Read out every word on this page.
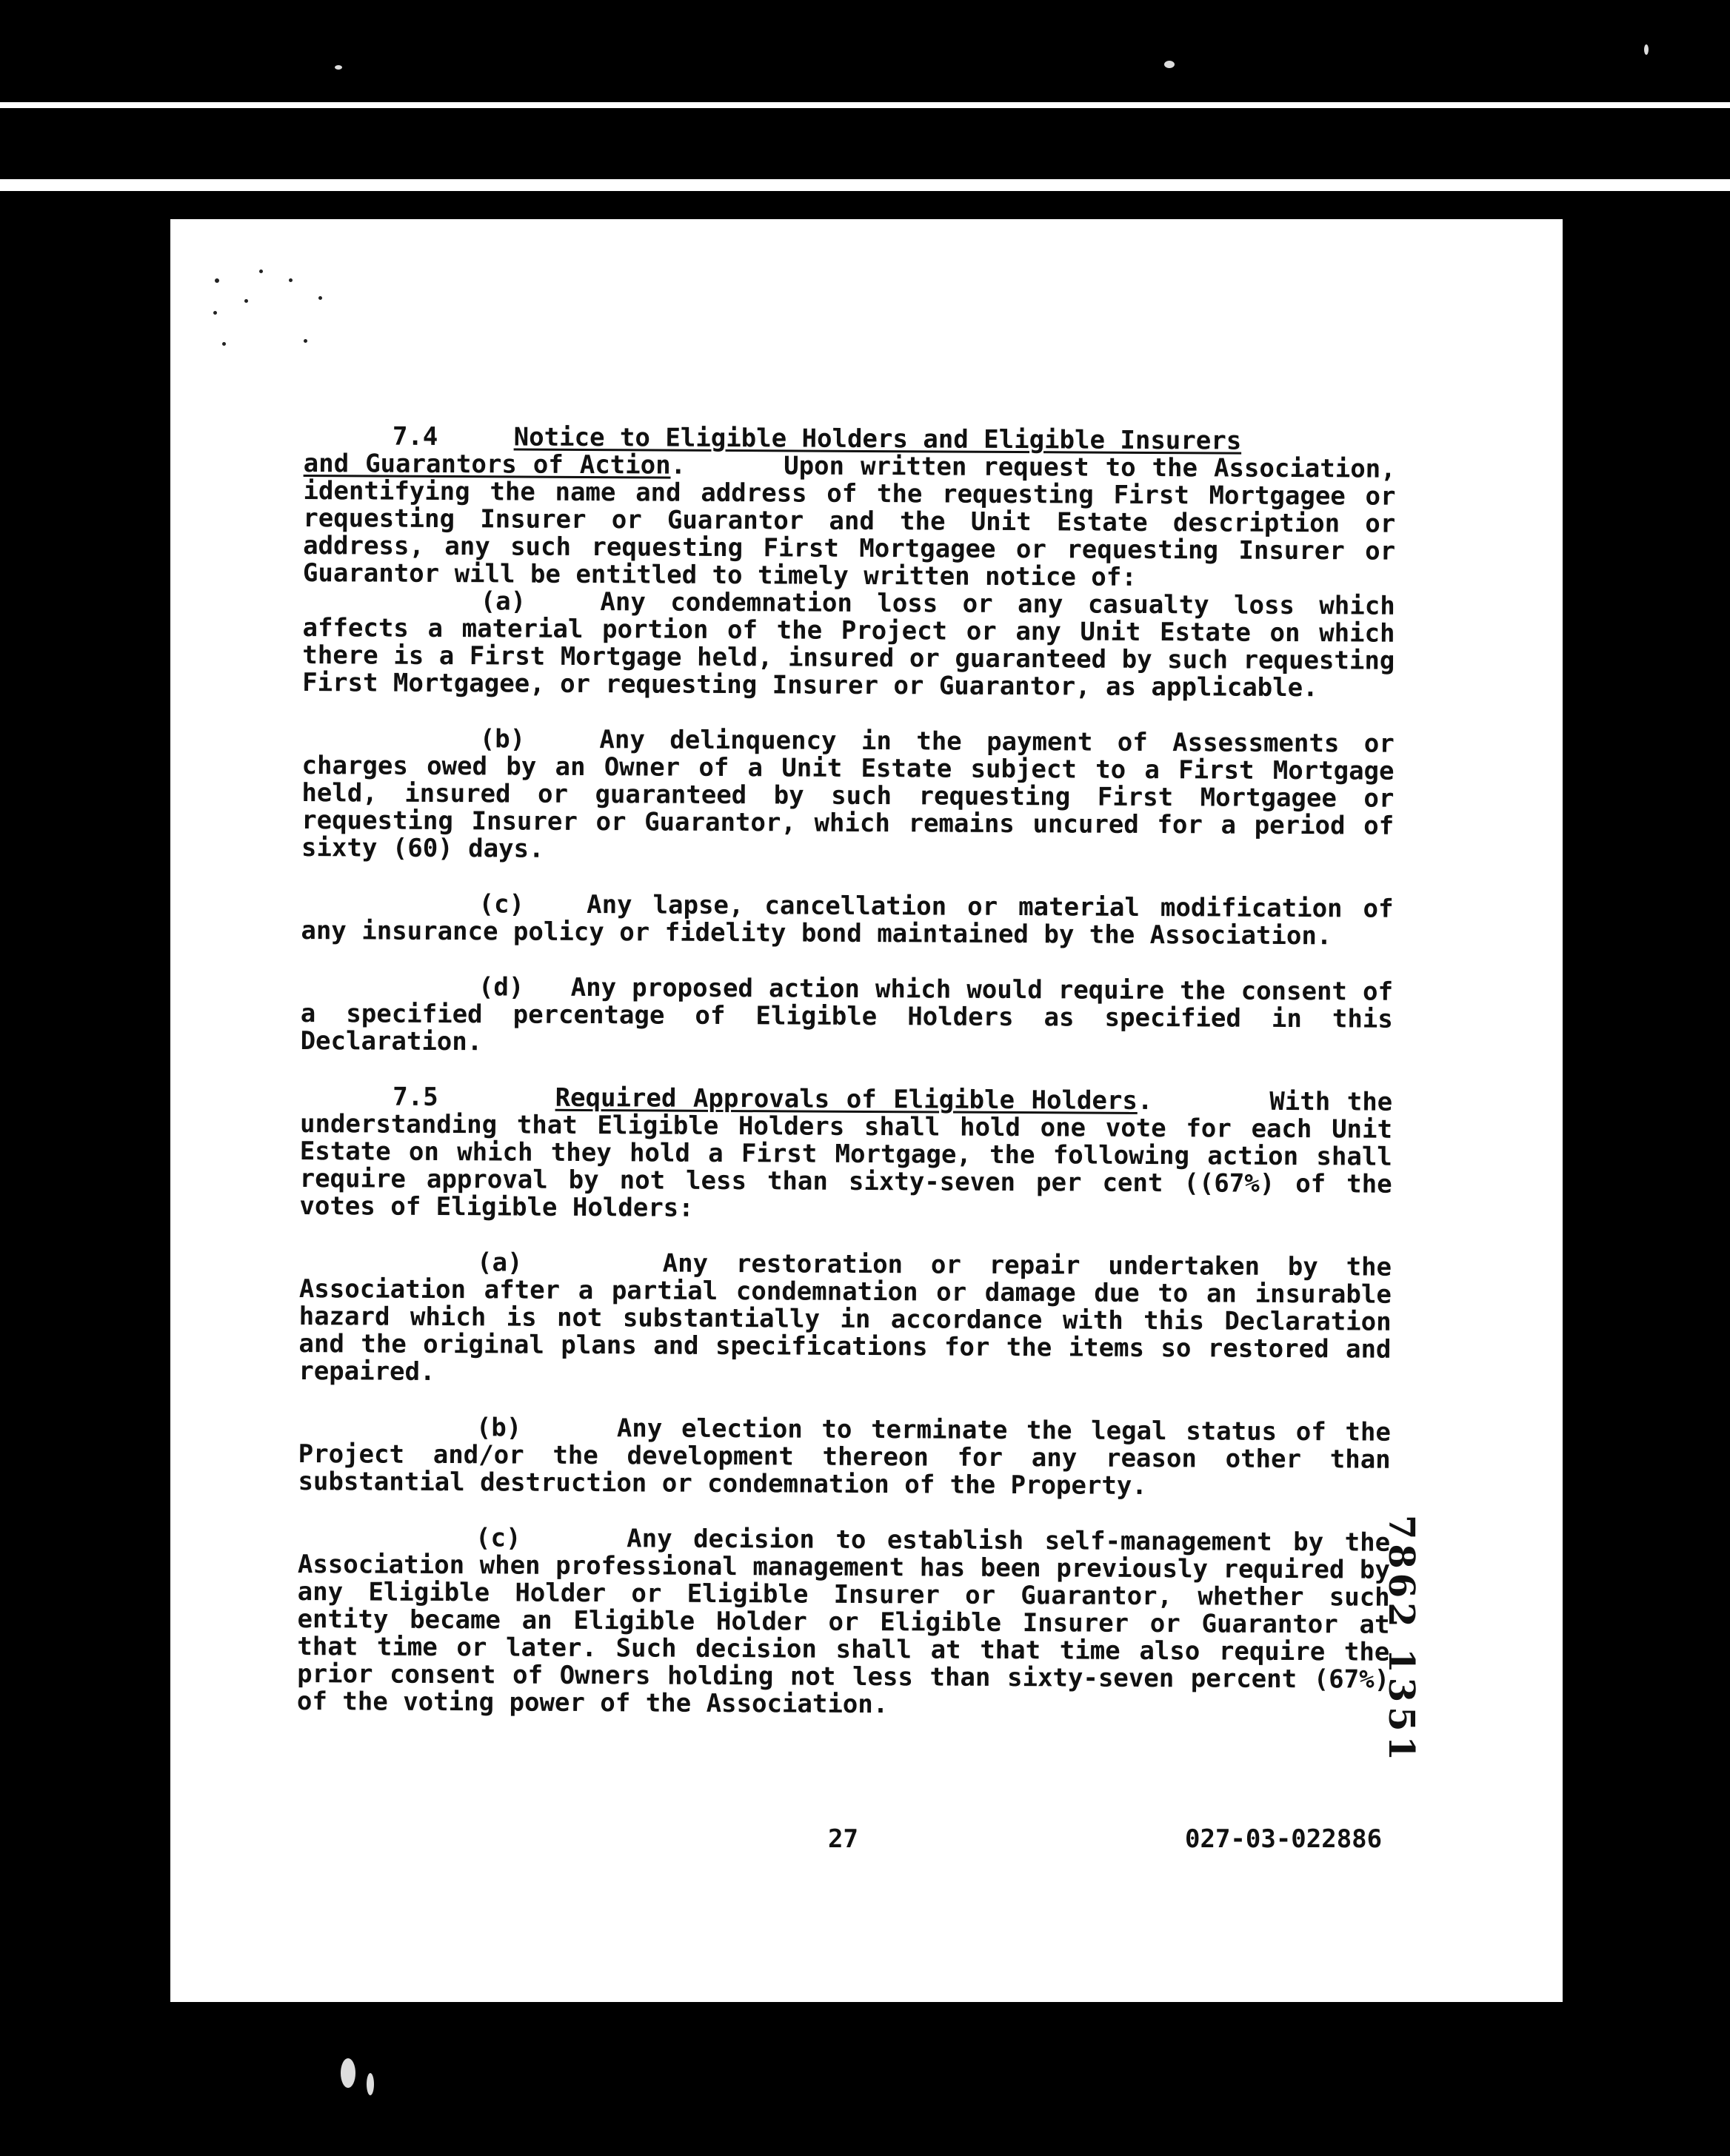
7.4	Notice to Eligible Holders and Eligible Insurers
and Guarantors of Action.      Upon written request to the Association, identifying the name and address of the requesting First Mortgagee or requesting Insurer or Guarantor and the Unit Estate description or address, any such requesting First Mortgagee or requesting Insurer or Guarantor will be entitled to timely written notice of:
(a)	Any condemnation loss or any casualty loss which affects a material portion of the Project or any Unit Estate on which there is a First Mortgage held, insured or guaranteed by such requesting First Mortgagee, or requesting Insurer or Guarantor, as applicable.
(b)	Any delinquency in the payment of Assessments or charges owed by an Owner of a Unit Estate subject to a First Mortgage held, insured or guaranteed by such requesting First Mortgagee or requesting Insurer or Guarantor, which remains uncured for a period of sixty (60) days.
(c) Any lapse, cancellation or material modification of any insurance policy or fidelity bond maintained by the Association.
(d) Any proposed action which would require the consent of a specified percentage of Eligible Holders as specified in this Declaration.
7.5	Required Approvals of Eligible Holders.       With the understanding that Eligible Holders shall hold one vote for each Unit Estate on which they hold a First Mortgage, the following action shall require approval by not less than sixty-seven per cent ((67%) of the votes of Eligible Holders:
(a)	Any restoration or repair undertaken by the Association after a partial condemnation or damage due to an insurable hazard which is not substantially in accordance with this Declaration and the original plans and specifications for the items so restored and repaired.
(b)	Any election to terminate the legal status of the Project and/or the development thereon for any reason other than substantial destruction or condemnation of the Property.
(c)	Any decision to establish self-management by the Association when professional management has been previously required by any Eligible Holder or Eligible Insurer or Guarantor, whether such entity became an Eligible Holder or Eligible Insurer or Guarantor at that time or later. Such decision shall at that time also require the prior consent of Owners holding not less than sixty-seven percent (67%) of the voting power of the Association.	7862 1351
27	027-03-022886
